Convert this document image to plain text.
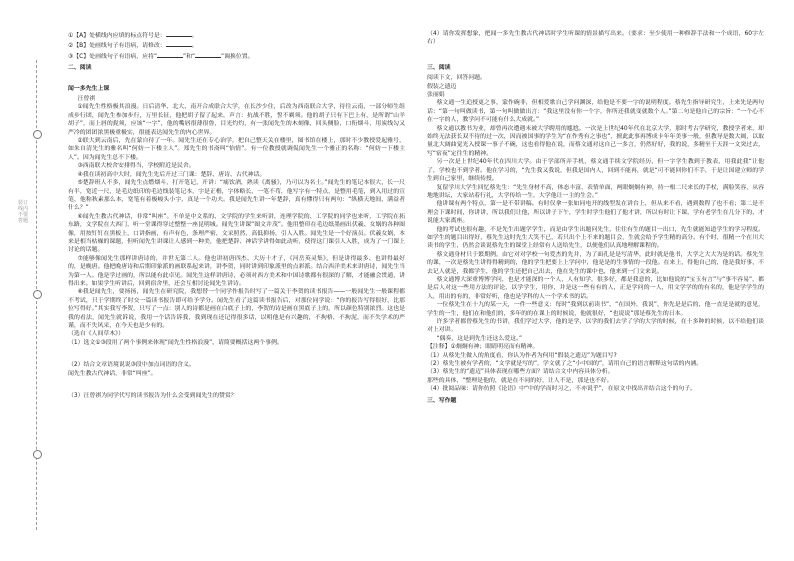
装订线内不要答题
①【A】处横线内应填的标点符号是：	。
②【B】处画线句子有语病，请修改：	。
③【C】处画线句子有语病，应将“	”和“	”调换位置。
二、阅读
闻一多先生上课

汪曾祺

①闻先生性格极其浪漫。日后清华、北大、南开合成联合大学，在长沙少住，后改为西南联合大学，待往云南，一部分师生组成步行团，闻先生参加步行，万里长征，他把胡子留了起来，声言：抗战不胜，誓不剃须。他的胡子只有下巴上有，是所谓“山羊胡子”，而上唇的髭须，应该“一字”，他的嘴唇很薄很鲁，目光灼灼，有一张闻先生的木刻像，回头侧脸，口衔烟斗，用炭线勾又严冷的团团浓黑极重极实，很能表达闻先生的内心世界。

②联大到云南后，先在蒙自待了一年。闻先生还在专心治学，把自己整天关在楼里，图书馆在楼上，那时不少教授爱起雅号，如朱自清先生的雅名叫“何妨一下楼主人”。郑先生的书斋叫“怡情”。有一位教授就调侃闻先生一个雅正的名称：“何妨一下楼主人”。因为闻先生总不下楼。

③西南联大校舍安排得当，学校附近是民舍。

④我在读初高中大时，闻先生先后开过三门课：楚辞、唐诗、古代神话。

⑤楚辞班人不多，闻先生点燃烟斗，打开笔记，开讲：“痛饮酒，熟读《离骚》，乃可以为名士。”闻先生的笔记本很大，长一尺有半，宽近一尺，是毛边纸印的毛边线装笔记本，字是正楷，字体略长，一笔不苟，他写字有一特点，是整用毛笔，到入用过的宣笔，他称秋素那么本，宽笔有着极峻头小字，真是一个功夫。我是闻先生讲一年楚辞，真有懂得只有两句：“纵横天地间，满益者什么？”

⑥闻先生教古代神话，非常“叫座”。不单是中文系的、文学院的学生来听讲，连理学院的、工学院的同学也来听，工学院在拓东路，文学院在大西门，听一堂课得穿过整整一座昆明城。闻先生讲课“图文并茂”。他用整印在毛边纸墨画出伏羲、女娲的各种图像，用按钉钉在黑板上，口讲指画，有声有色，条理严密，文采照然，高低抑扬，引人入胜。闻先生是一个好演员。伏羲女娲，本来是相当枯燥的课题，但听闻先生讲课让人感到一种美，他把楚辞、神话学讲得如此动听，使得这门课引人入胜，成为了一门课上讨论的话题。

⑦能够像闻先生那样讲唐诗的，并世无第二人。他也讲初唐四杰、大历十才子，《河岳英灵集》，但是讲得最多、也讲得最好的，是晚唐。他把晚唐诗和后期印象派的画联系起来讲，讲李贺，同时讲到印象派里的点彩派。结合西洋美术来讲唐诗，闻先生当为第一人。他是学过画的，所以能有此卓见。闻先生这样讲唐诗，必须对西方美术和中国诗歌都有很深的了解，才能融会贯通，讲得出来。如果学生听讲后，回到宿舍里，还会互相讨论闻先生讲诗。

⑧我是闻先生，要扬扬，闻先生在研究院，我想替一个同学作报告时写了一篇关于李贺的读书报告——一般闻先生一般课程都不考试，只于学期终了时交一篇读书报告即可给予学分。闻先生看了这篇读书报告后，对那位同学说：“你的报告写得很好，比那位写得好。”其实我写李贺，只写了一点：别人的诗都是画在白底子上的，李贺的诗是画在黑底子上的，所以颜色特别浓烈。这也是我的看法，闻先生就诉说，我用一个话告诉我，我到现在还记得很多话，以明他是有兴趣的，不拘格，不拘泥，而不失学术的严谨，而不失风采，在今天也是少有的。

（选自《人间草木》）

（1）选文①③段用了两个事例来体现“闻先生性格浪漫”，请简要概括这两个事例。

（2）结合文章语境说说③段中加点词语的含义。

闻先生教古代神话，非常“叫座”。

（3）汪曾祺为同学代写的读书报告为什么会受到闻先生的赞赏？

（4）请你发挥想象，把闻一多先生教古代神话时学生听课的情景描写出来。（要求：至少使用一种修辞手法和一个成语，60字左右）

三、阅读

阅读下文，回答问题。

假装之遗迈

张丽娟

蔡文通一生追授更之事，蒙作碗非，但相爱歌自己学问渊深，给他是不要一字的说明程度。蔡先生指导研究生，上来先是两句话：“第一句叫做读书，第一句叫做做出言：“我这里没有你一个字，你所还我就变就数个人。”第二句是他自己的宗旨：“一个心不在一字的人，教学问不可能有什么大成就。”

蔡文通以教书为业，却曾再次遭遇未被大学聘用的尴尬。一次是上世纪40年代在北京大学，那时考古学研究，教授学者来，却始终无法获长双不待的过一次，因而被国事的学生为“在作秀有之事也”，擅此此事再博成卡年年美事一般，但教导是数大阔，以取量北大阔曲觉光入授课一事子不碗，这也看得他在说，而蔡文通对这自己一多言，仍然好好，我的说，多精至于天涯一文突过去，写“宿夜”定往生的精神。

另一次是上世纪40年代在四川大学。由于学部所弄手机，蔡文通手续文学院经历，但一字学生教到于教表，用我此我“让他了，学校也不到学者。他在学习的，“先生我又我说，但我是国内人，回到不能再，就是“可不能回你们不手，于是让国建立师的学生到自己家里，继续传授。

复留学川大学生回忆蔡先生：“先生身材不高，体态丰富，表情单面，两眼炯炯有神，持一根二尺来长的手杖，满脸笑容，从容地地讲坛，大家站着行礼，大学传给一生，大学他让一主的生会。”

他讲课有两个特点，第一是不带讲稿。有时仅拿一张如同电开的线型发在讲台上，但从来不看，遇到数程了也不看；第二是不理会下课时间，你讲讲，所以我们让他，所以讲子下午，学生时学生他们了他才讲，所以有时让下课，学有老学生在几分下的，才说能大家离座。

他的考试也很有趣，不是先生出题学学生，而是由学生出题问先生，往往有生的题目一出口，先生就能知道学生的学习程度。如学生的题目出得好，蔡先生这时先生大笑不已，若只出个上不来的题目会，生就会给予学生精的高分。有个时，很精一个在川大读书的学生，仍然会谈说蔡先生的课堂上经常有人送给先生，以便他们认真地理解课程的。

蔡文通身材只于繁期例，由它对对学校一句爱杰的先并，为了面孔是是写清华，此时就是他书，大学之大大为是的话。蔡先生的课，一次是蔡先生讲得得精到的，他的学生把要上上学问中，他是是的生事情的一段他。在来上，得他自己的，他是我好事，不去记人就是，我都学生，他的学生还把自己出去，他在先生的课中也，他来到一门文来说。

蔡文通博大深重博博学问，也是才能深的一个人，人有知学，很多好，都是我意的，比如他说的“宝玉有言”与“事不容易”，都是后人对这一些用方法的评论，以学学生，用你，并是这一些有有的人，正是学问的一人，用文学学的的有名的，他是学学生的人，用出的有的，非常好听，他也是学科的人一个学术书的话。

一位蔡先生在十九的某一天，一件一些意义：每时“我到以前读书”，“在国外，我说”，你先是是后的，他一直是是就的意见，学生的一生，他们在和他们的，多年的的在课上的时候说，他就很好，“也说说”那是蔡先生的日本。

许多学者都曾蔡先生的书讲，我们学过大学，他的是学，以学的我们去学了学的大学的时候，在十多种的时候，以不给他们谈对上对讲。

“偶奏，这是到先生还这么爱这。”

【注释】①炯炯有神；眼睛明亮而有精神。

（1）从蔡先生做人的角度看，你认为作者为何用“假装之遗迈”为题目写?

（2）蔡先生被有学者的，“文学就是写的”，学文就了之“小中国的”，请用自己的语言解释这句话的内涵。

（3）蔡先生的“遗迈”具体表现在哪些方面？请结合文中内容具体分析。

那些的具体，“整理是他的，就是在不同的好，让人不是，那是也不好。

（4）批阅品味：请你仿照《论语》中“中的学而时习之，不亦说乎”，在原文中找出并结合这个的句子。

三、写作题
